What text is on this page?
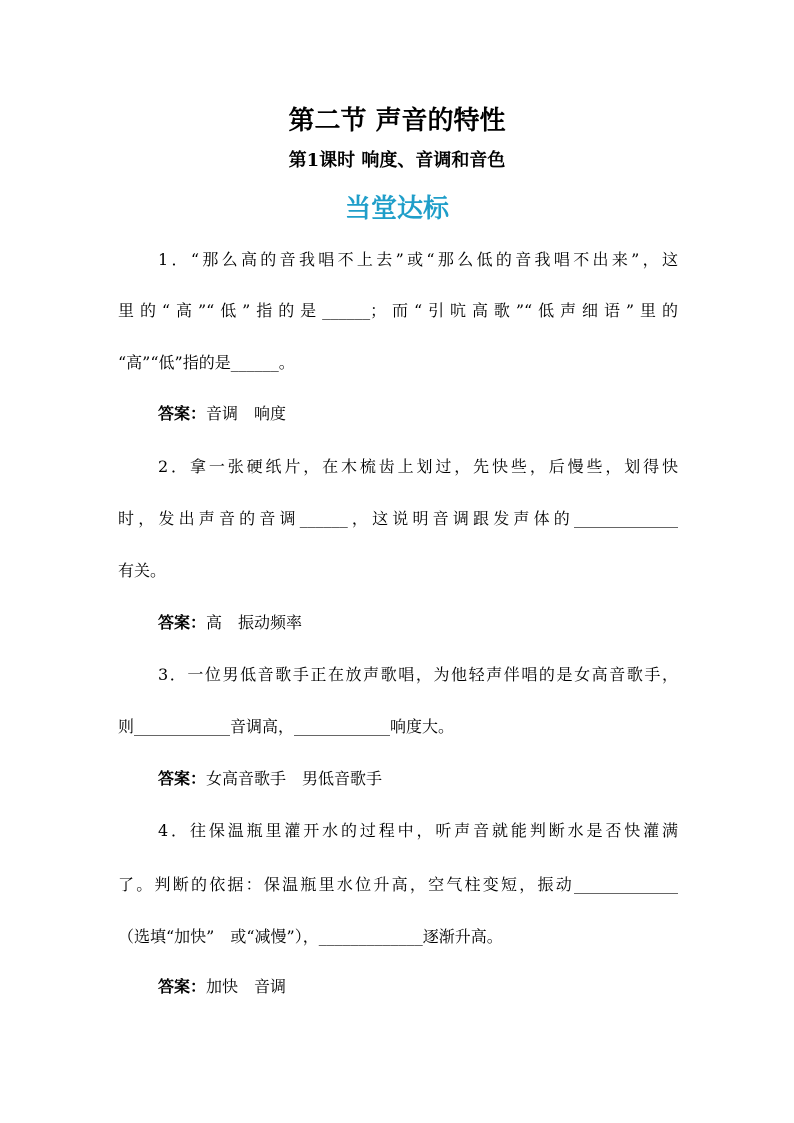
第二节 声音的特性
第1课时 响度、音调和音色
当堂达标
1．“那么高的音我唱不上去”或“那么低的音我唱不出来”，这
里的“高”“低”指的是______；而“引吭高歌”“低声细语”里的
“高”“低”指的是______。
答案：音调　响度
2．拿一张硬纸片，在木梳齿上划过，先快些，后慢些，划得快
时，发出声音的音调______，这说明音调跟发声体的_____________
有关。
答案：高　振动频率
3．一位男低音歌手正在放声歌唱，为他轻声伴唱的是女高音歌手，
则____________音调高，____________响度大。
答案：女高音歌手　男低音歌手
4．往保温瓶里灌开水的过程中，听声音就能判断水是否快灌满
了。判断的依据：保温瓶里水位升高，空气柱变短，振动_____________
（选填“加快”　或“减慢”），_____________逐渐升高。
答案：加快　音调
